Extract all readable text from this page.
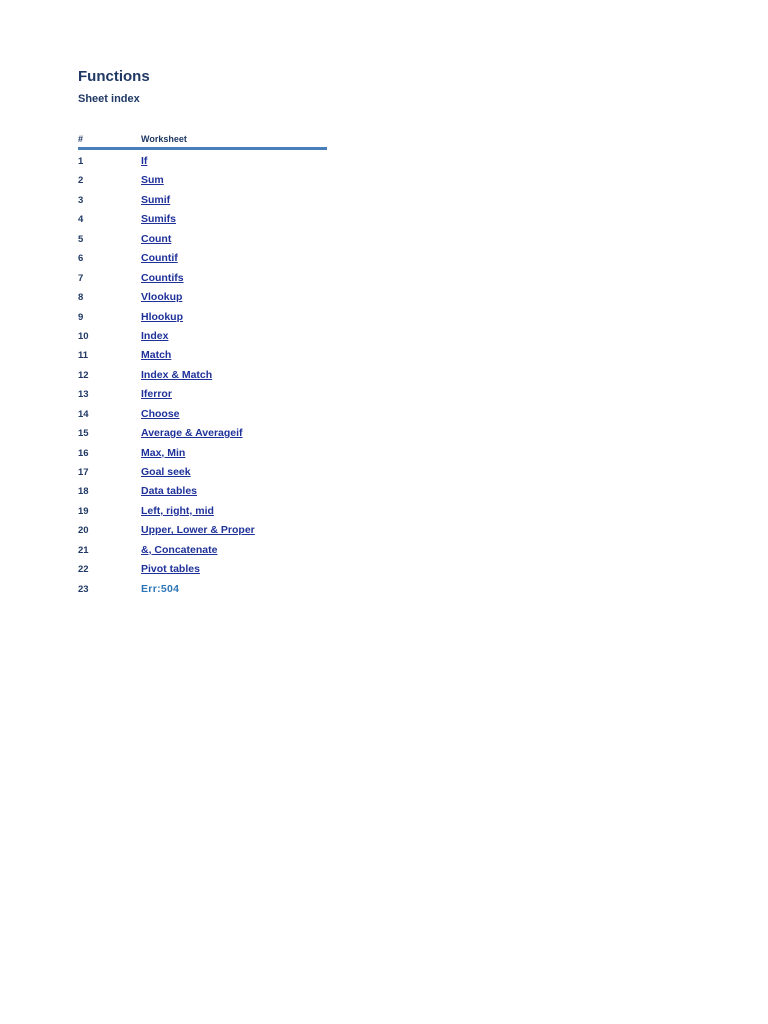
Functions
Sheet index
#	Worksheet
1	If
2	Sum
3	Sumif
4	Sumifs
5	Count
6	Countif
7	Countifs
8	Vlookup
9	Hlookup
10	Index
11	Match
12	Index & Match
13	Iferror
14	Choose
15	Average & Averageif
16	Max, Min
17	Goal seek
18	Data tables
19	Left, right, mid
20	Upper, Lower & Proper
21	&, Concatenate
22	Pivot tables
23	Err:504
